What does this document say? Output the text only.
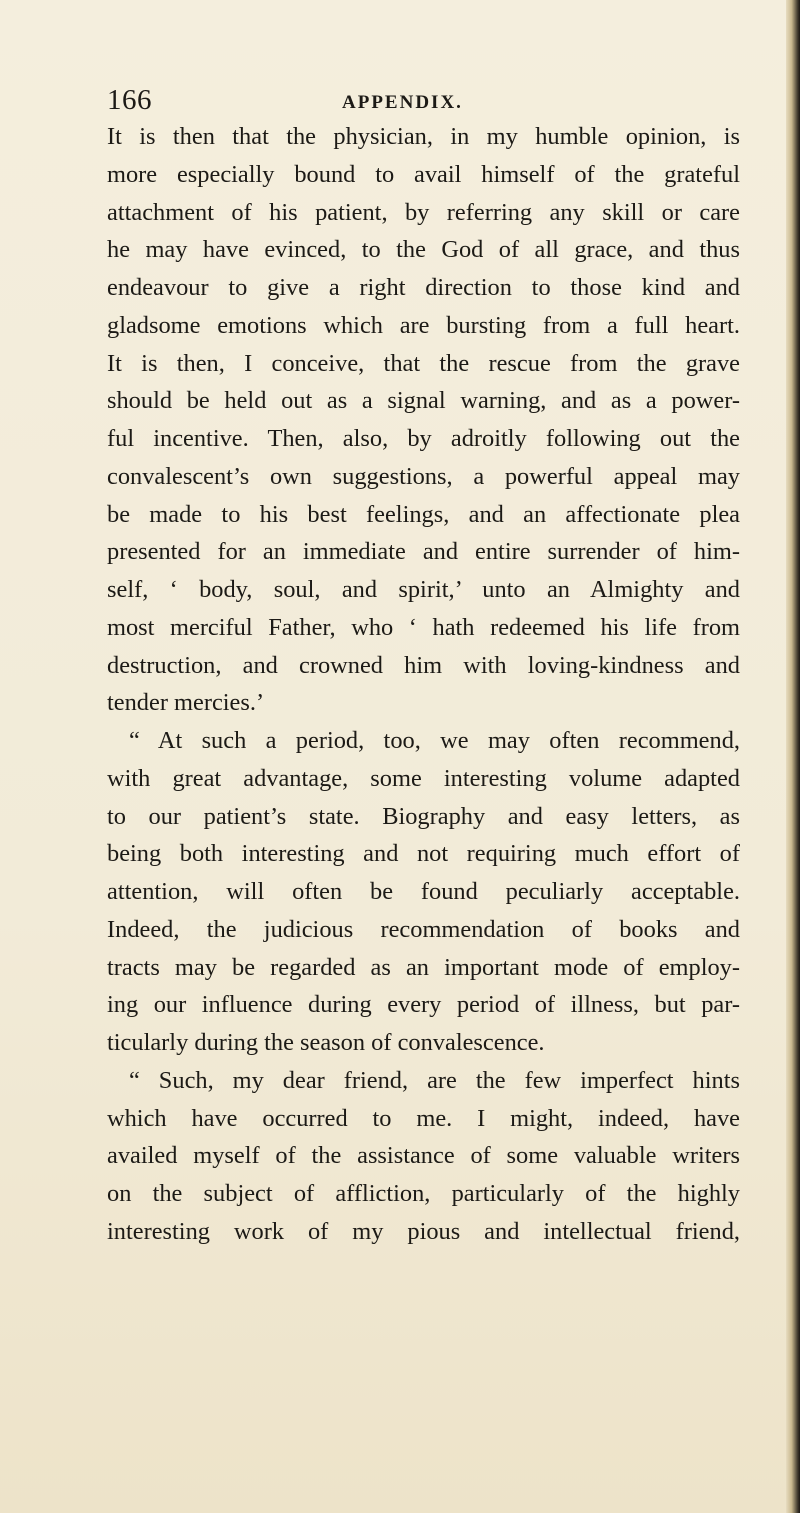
166	APPENDIX.
It is then that the physician, in my humble opinion, is
more especially bound to avail himself of the grateful
attachment of his patient, by referring any skill or care
he may have evinced, to the God of all grace, and thus
endeavour to give a right direction to those kind and
gladsome emotions which are bursting from a full heart.
It is then, I conceive, that the rescue from the grave
should be held out as a signal warning, and as a power-
ful incentive. Then, also, by adroitly following out the
convalescent’s own suggestions, a powerful appeal may
be made to his best feelings, and an affectionate plea
presented for an immediate and entire surrender of him-
self, ‘ body, soul, and spirit,’ unto an Almighty and
most merciful Father, who ‘ hath redeemed his life from
destruction, and crowned him with loving-kindness and
tender mercies.’
“ At such a period, too, we may often recommend,
with great advantage, some interesting volume adapted
to our patient’s state. Biography and easy letters, as
being both interesting and not requiring much effort of
attention, will often be found peculiarly acceptable.
Indeed, the judicious recommendation of books and
tracts may be regarded as an important mode of employ-
ing our influence during every period of illness, but par-
ticularly during the season of convalescence.
“ Such, my dear friend, are the few imperfect hints
which have occurred to me. I might, indeed, have
availed myself of the assistance of some valuable writers
on the subject of affliction, particularly of the highly
interesting work of my pious and intellectual friend,
